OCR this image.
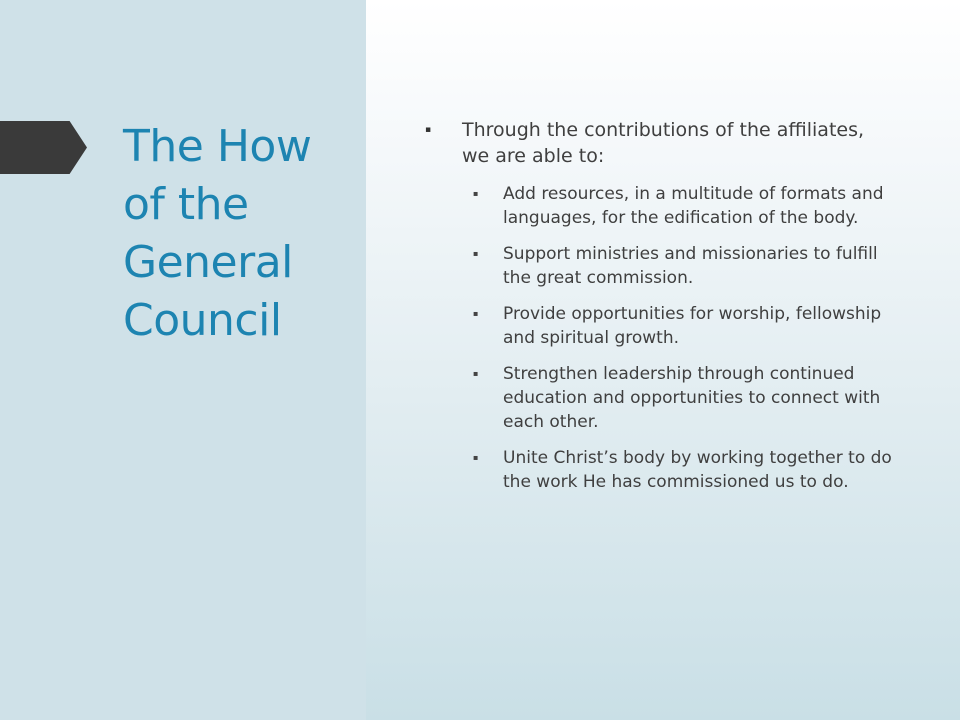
The How of the General Council
▪	Through the contributions of the affiliates, we are able to:
▪	Add resources, in a multitude of formats and languages, for the edification of the body.
▪	Support ministries and missionaries to fulfill the great commission.
▪	Provide opportunities for worship, fellowship and spiritual growth.
▪	Strengthen leadership through continued education and opportunities to connect with each other.
▪	Unite Christ’s body by working together to do the work He has commissioned us to do.
